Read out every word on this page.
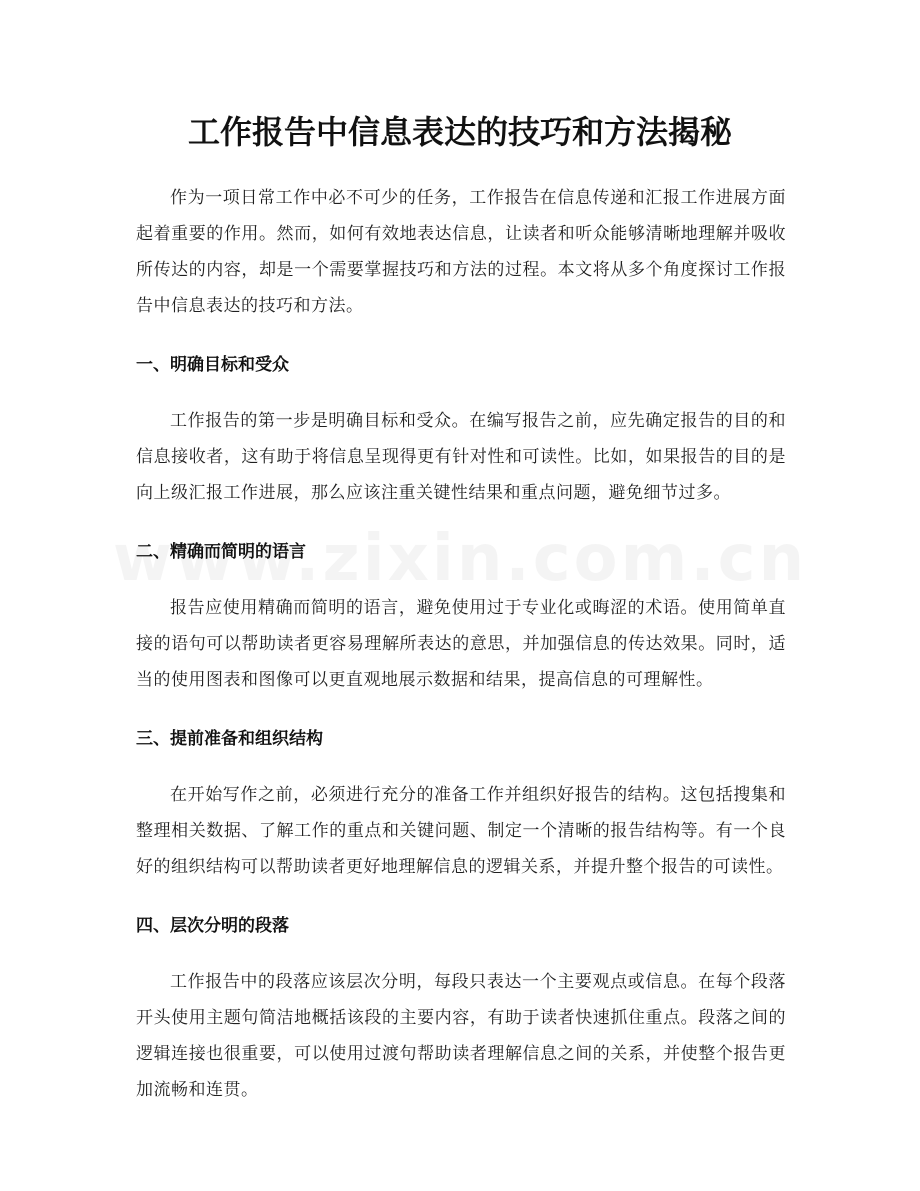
工作报告中信息表达的技巧和方法揭秘

作为一项日常工作中必不可少的任务，工作报告在信息传递和汇报工作进展方面起着重要的作用。然而，如何有效地表达信息，让读者和听众能够清晰地理解并吸收所传达的内容，却是一个需要掌握技巧和方法的过程。本文将从多个角度探讨工作报告中信息表达的技巧和方法。

一、明确目标和受众

工作报告的第一步是明确目标和受众。在编写报告之前，应先确定报告的目的和信息接收者，这有助于将信息呈现得更有针对性和可读性。比如，如果报告的目的是向上级汇报工作进展，那么应该注重关键性结果和重点问题，避免细节过多。

二、精确而简明的语言

报告应使用精确而简明的语言，避免使用过于专业化或晦涩的术语。使用简单直接的语句可以帮助读者更容易理解所表达的意思，并加强信息的传达效果。同时，适当的使用图表和图像可以更直观地展示数据和结果，提高信息的可理解性。

三、提前准备和组织结构

在开始写作之前，必须进行充分的准备工作并组织好报告的结构。这包括搜集和整理相关数据、了解工作的重点和关键问题、制定一个清晰的报告结构等。有一个良好的组织结构可以帮助读者更好地理解信息的逻辑关系，并提升整个报告的可读性。

四、层次分明的段落

工作报告中的段落应该层次分明，每段只表达一个主要观点或信息。在每个段落开头使用主题句简洁地概括该段的主要内容，有助于读者快速抓住重点。段落之间的逻辑连接也很重要，可以使用过渡句帮助读者理解信息之间的关系，并使整个报告更加流畅和连贯。
